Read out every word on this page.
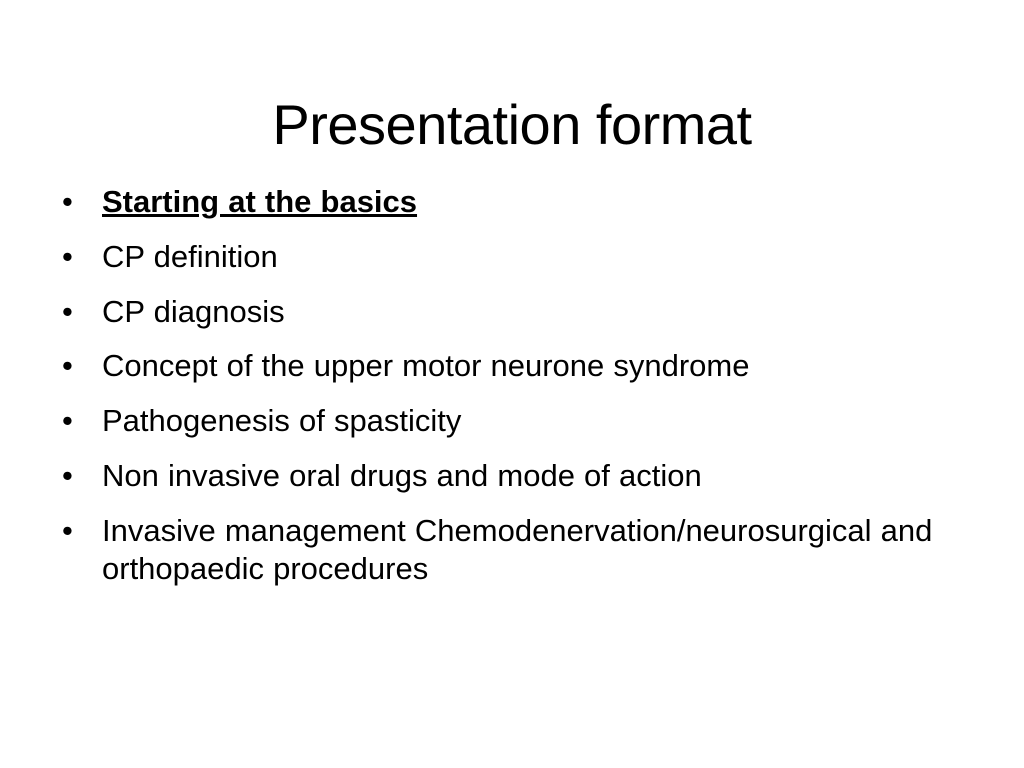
Presentation format
• Starting at the basics
• CP definition
• CP diagnosis
• Concept of the upper motor neurone syndrome
• Pathogenesis of spasticity
• Non invasive oral drugs and mode of action
• Invasive management Chemodenervation/neurosurgical and orthopaedic procedures
